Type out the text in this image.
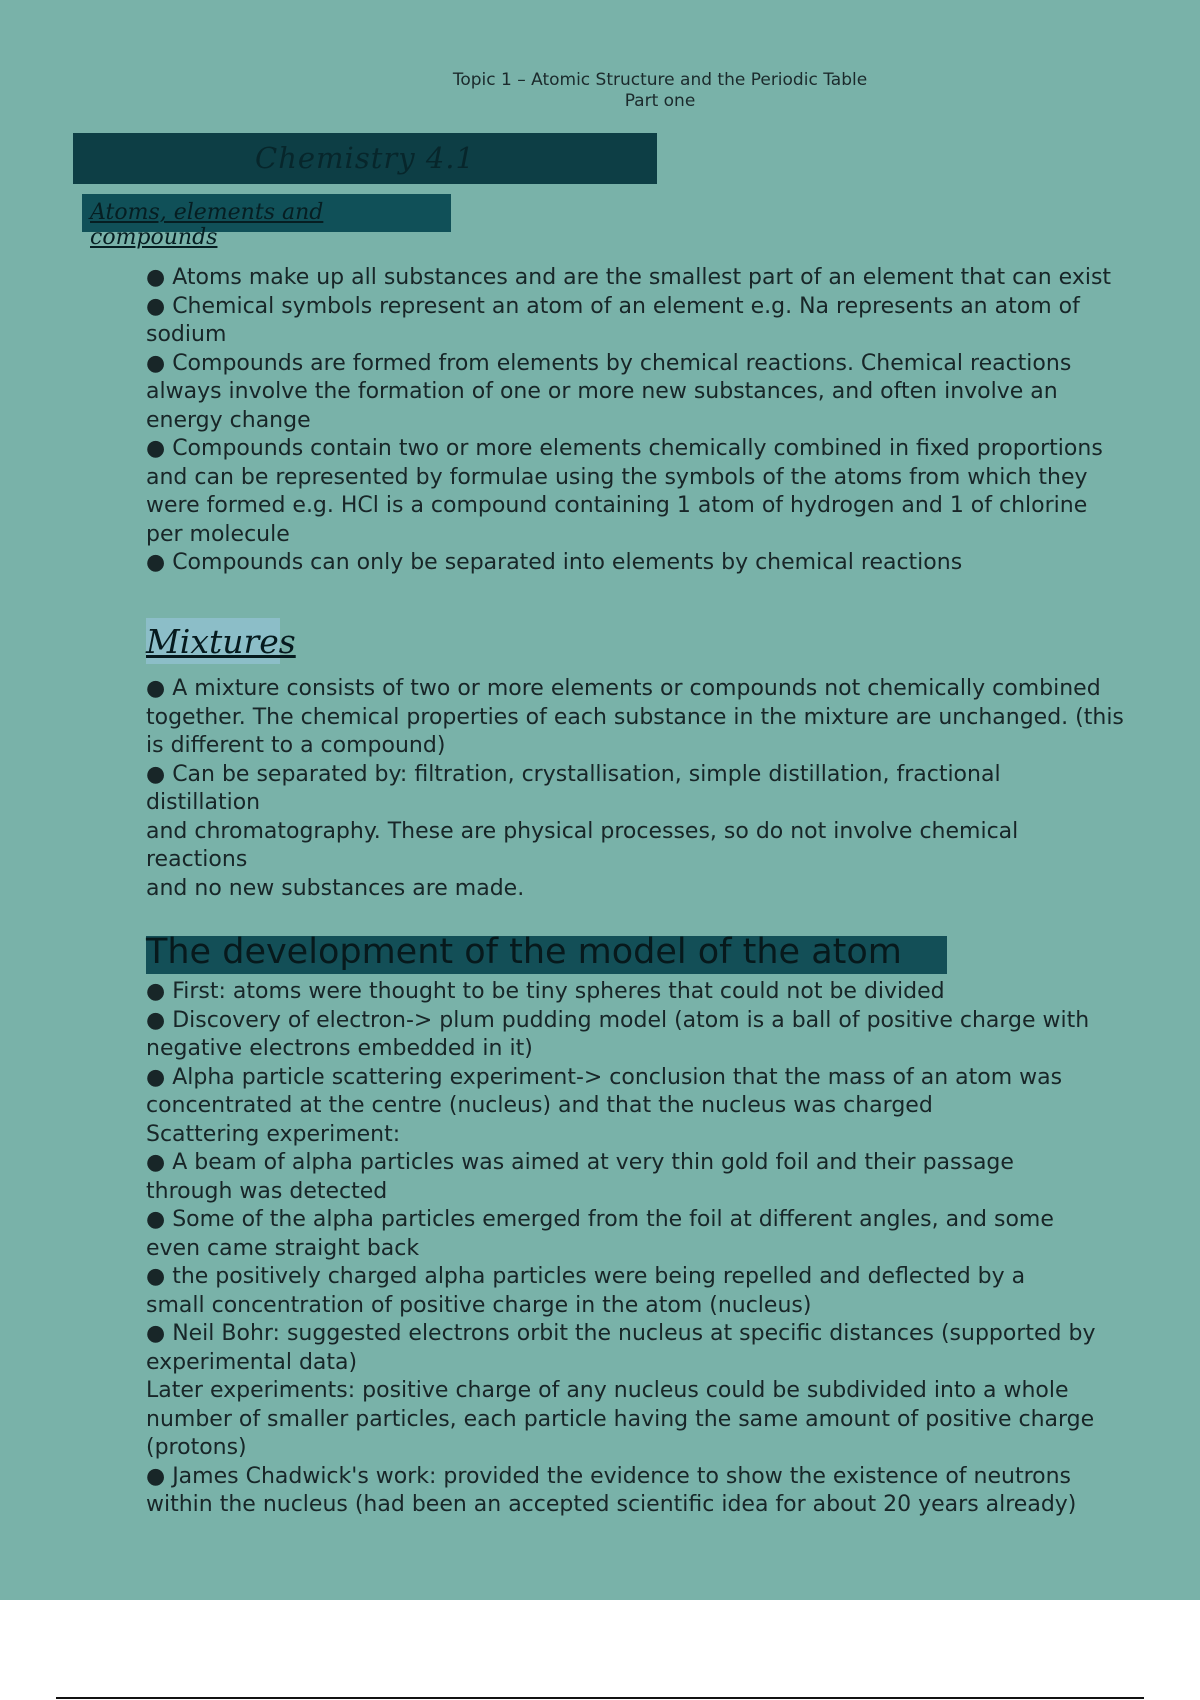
Topic 1 – Atomic Structure and the Periodic Table
Part one
Chemistry 4.1
Atoms, elements and compounds

● Atoms make up all substances and are the smallest part of an element that can exist

● Chemical symbols represent an atom of an element e.g. Na represents an atom of

sodium

● Compounds are formed from elements by chemical reactions. Chemical reactions

always involve the formation of one or more new substances, and often involve an

energy change

● Compounds contain two or more elements chemically combined in fixed proportions

and can be represented by formulae using the symbols of the atoms from which they

were formed e.g. HCl is a compound containing 1 atom of hydrogen and 1 of chlorine

per molecule

● Compounds can only be separated into elements by chemical reactions

Mixtures

● A mixture consists of two or more elements or compounds not chemically combined

together. The chemical properties of each substance in the mixture are unchanged. (this

is different to a compound)

● Can be separated by: filtration, crystallisation, simple distillation, fractional

distillation

and chromatography. These are physical processes, so do not involve chemical

reactions

and no new substances are made.

The development of the model of the atom

● First: atoms were thought to be tiny spheres that could not be divided

● Discovery of electron-> plum pudding model (atom is a ball of positive charge with

negative electrons embedded in it)

● Alpha particle scattering experiment-> conclusion that the mass of an atom was

concentrated at the centre (nucleus) and that the nucleus was charged

Scattering experiment:

● A beam of alpha particles was aimed at very thin gold foil and their passage

through was detected

● Some of the alpha particles emerged from the foil at different angles, and some

even came straight back

● the positively charged alpha particles were being repelled and deflected by a

small concentration of positive charge in the atom (nucleus)

● Neil Bohr: suggested electrons orbit the nucleus at specific distances (supported by

experimental data)

Later experiments: positive charge of any nucleus could be subdivided into a whole

number of smaller particles, each particle having the same amount of positive charge

(protons)

● James Chadwick's work: provided the evidence to show the existence of neutrons

within the nucleus (had been an accepted scientific idea for about 20 years already)
